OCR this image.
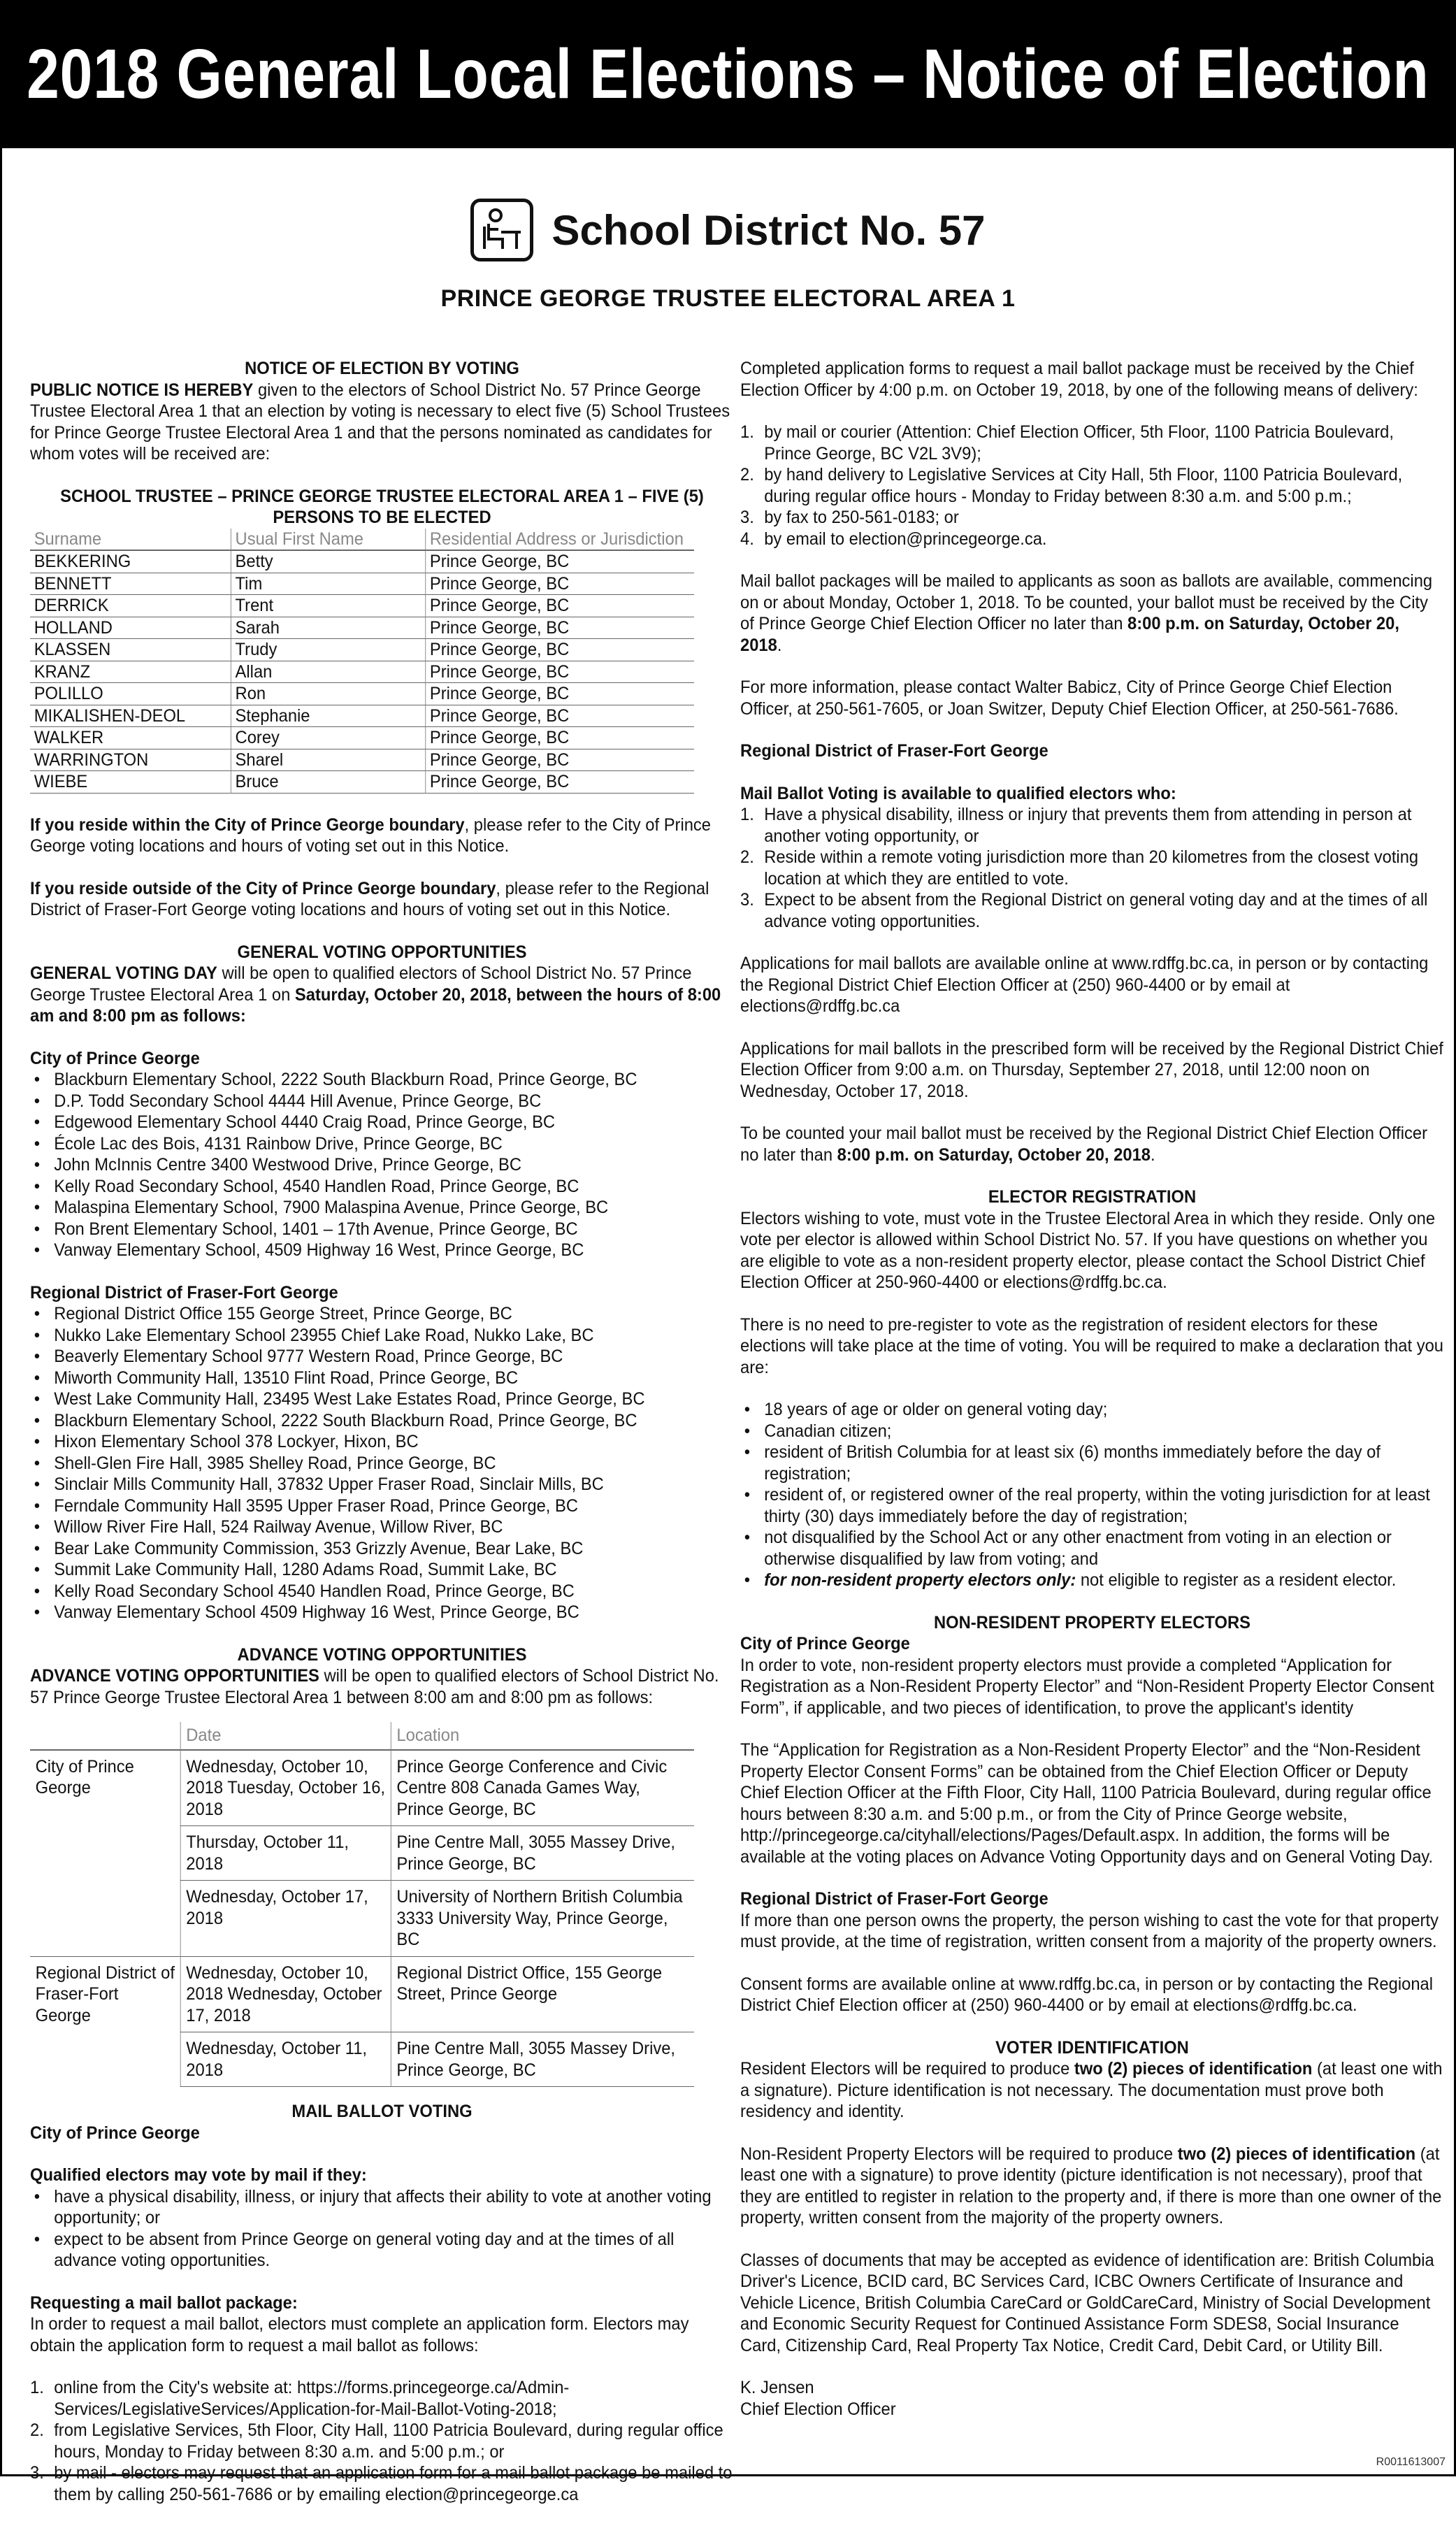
2018 General Local Elections – Notice of Election
School District No. 57
PRINCE GEORGE TRUSTEE ELECTORAL AREA 1
NOTICE OF ELECTION BY VOTING

PUBLIC NOTICE IS HEREBY given to the electors of School District No. 57 Prince George Trustee Electoral Area 1 that an election by voting is necessary to elect five (5) School Trustees for Prince George Trustee Electoral Area 1 and that the persons nominated as candidates for whom votes will be received are:

SCHOOL TRUSTEE – PRINCE GEORGE TRUSTEE ELECTORAL AREA 1 – FIVE (5) PERSONS TO BE ELECTED
Surname	Usual First Name	Residential Address or Jurisdiction
BEKKERING	Betty	Prince George, BC
BENNETT	Tim	Prince George, BC
DERRICK	Trent	Prince George, BC
HOLLAND	Sarah	Prince George, BC
KLASSEN	Trudy	Prince George, BC
KRANZ	Allan	Prince George, BC
POLILLO	Ron	Prince George, BC
MIKALISHEN-DEOL	Stephanie	Prince George, BC
WALKER	Corey	Prince George, BC
WARRINGTON	Sharel	Prince George, BC
WIEBE	Bruce	Prince George, BC

If you reside within the City of Prince George boundary, please refer to the City of Prince George voting locations and hours of voting set out in this Notice.

If you reside outside of the City of Prince George boundary, please refer to the Regional District of Fraser-Fort George voting locations and hours of voting set out in this Notice.

GENERAL VOTING OPPORTUNITIES

GENERAL VOTING DAY will be open to qualified electors of School District No. 57 Prince George Trustee Electoral Area 1 on Saturday, October 20, 2018, between the hours of 8:00 am and 8:00 pm as follows:

City of Prince George
• Blackburn Elementary School, 2222 South Blackburn Road, Prince George, BC
• D.P. Todd Secondary School 4444 Hill Avenue, Prince George, BC
• Edgewood Elementary School 4440 Craig Road, Prince George, BC
• École Lac des Bois, 4131 Rainbow Drive, Prince George, BC
• John McInnis Centre 3400 Westwood Drive, Prince George, BC
• Kelly Road Secondary School, 4540 Handlen Road, Prince George, BC
• Malaspina Elementary School, 7900 Malaspina Avenue, Prince George, BC
• Ron Brent Elementary School, 1401 – 17th Avenue, Prince George, BC
• Vanway Elementary School, 4509 Highway 16 West, Prince George, BC
Regional District of Fraser-Fort George
• Regional District Office 155 George Street, Prince George, BC
• Nukko Lake Elementary School 23955 Chief Lake Road, Nukko Lake, BC
• Beaverly Elementary School 9777 Western Road, Prince George, BC
• Miworth Community Hall, 13510 Flint Road, Prince George, BC
• West Lake Community Hall, 23495 West Lake Estates Road, Prince George, BC
• Blackburn Elementary School, 2222 South Blackburn Road, Prince George, BC
• Hixon Elementary School 378 Lockyer, Hixon, BC
• Shell-Glen Fire Hall, 3985 Shelley Road, Prince George, BC
• Sinclair Mills Community Hall, 37832 Upper Fraser Road, Sinclair Mills, BC
• Ferndale Community Hall 3595 Upper Fraser Road, Prince George, BC
• Willow River Fire Hall, 524 Railway Avenue, Willow River, BC
• Bear Lake Community Commission, 353 Grizzly Avenue, Bear Lake, BC
• Summit Lake Community Hall, 1280 Adams Road, Summit Lake, BC
• Kelly Road Secondary School 4540 Handlen Road, Prince George, BC
• Vanway Elementary School 4509 Highway 16 West, Prince George, BC
ADVANCE VOTING OPPORTUNITIES

ADVANCE VOTING OPPORTUNITIES will be open to qualified electors of School District No. 57 Prince George Trustee Electoral Area 1 between 8:00 am and 8:00 pm as follows:

	Date	Location
City of Prince George	Wednesday, October 10, 2018 Tuesday, October 16, 2018	Prince George Conference and Civic Centre 808 Canada Games Way, Prince George, BC
	Thursday, October 11, 2018	Pine Centre Mall, 3055 Massey Drive, Prince George, BC
	Wednesday, October 17, 2018	University of Northern British Columbia 3333 University Way, Prince George, BC
Regional District of Fraser-Fort George	Wednesday, October 10, 2018 Wednesday, October 17, 2018	Regional District Office, 155 George Street, Prince George
	Wednesday, October 11, 2018	Pine Centre Mall, 3055 Massey Drive, Prince George, BC
MAIL BALLOT VOTING
City of Prince George
Qualified electors may vote by mail if they:
• have a physical disability, illness, or injury that affects their ability to vote at another voting opportunity; or
• expect to be absent from Prince George on general voting day and at the times of all advance voting opportunities.
Requesting a mail ballot package:

In order to request a mail ballot, electors must complete an application form. Electors may obtain the application form to request a mail ballot as follows:

1. online from the City's website at: https://forms.princegeorge.ca/Admin-Services/LegislativeServices/Application-for-Mail-Ballot-Voting-2018;
2. from Legislative Services, 5th Floor, City Hall, 1100 Patricia Boulevard, during regular office hours, Monday to Friday between 8:30 a.m. and 5:00 p.m.; or
3. by mail - electors may request that an application form for a mail ballot package be mailed to them by calling 250-561-7686 or by emailing election@princegeorge.ca

Completed application forms to request a mail ballot package must be received by the Chief Election Officer by 4:00 p.m. on October 19, 2018, by one of the following means of delivery:

1. by mail or courier (Attention: Chief Election Officer, 5th Floor, 1100 Patricia Boulevard, Prince George, BC V2L 3V9);
2. by hand delivery to Legislative Services at City Hall, 5th Floor, 1100 Patricia Boulevard, during regular office hours - Monday to Friday between 8:30 a.m. and 5:00 p.m.;
3. by fax to 250-561-0183; or
4. by email to election@princegeorge.ca.

Mail ballot packages will be mailed to applicants as soon as ballots are available, commencing on or about Monday, October 1, 2018. To be counted, your ballot must be received by the City of Prince George Chief Election Officer no later than 8:00 p.m. on Saturday, October 20, 2018.

For more information, please contact Walter Babicz, City of Prince George Chief Election Officer, at 250-561-7605, or Joan Switzer, Deputy Chief Election Officer, at 250-561-7686.

Regional District of Fraser-Fort George
Mail Ballot Voting is available to qualified electors who:
1. Have a physical disability, illness or injury that prevents them from attending in person at another voting opportunity, or
2. Reside within a remote voting jurisdiction more than 20 kilometres from the closest voting location at which they are entitled to vote.
3. Expect to be absent from the Regional District on general voting day and at the times of all advance voting opportunities.

Applications for mail ballots are available online at www.rdffg.bc.ca, in person or by contacting the Regional District Chief Election Officer at (250) 960-4400 or by email at elections@rdffg.bc.ca

Applications for mail ballots in the prescribed form will be received by the Regional District Chief Election Officer from 9:00 a.m. on Thursday, September 27, 2018, until 12:00 noon on Wednesday, October 17, 2018.

To be counted your mail ballot must be received by the Regional District Chief Election Officer no later than 8:00 p.m. on Saturday, October 20, 2018.

ELECTOR REGISTRATION

Electors wishing to vote, must vote in the Trustee Electoral Area in which they reside. Only one vote per elector is allowed within School District No. 57. If you have questions on whether you are eligible to vote as a non-resident property elector, please contact the School District Chief Election Officer at 250-960-4400 or elections@rdffg.bc.ca.

There is no need to pre-register to vote as the registration of resident electors for these elections will take place at the time of voting. You will be required to make a declaration that you are:

• 18 years of age or older on general voting day;
• Canadian citizen;
• resident of British Columbia for at least six (6) months immediately before the day of registration;
• resident of, or registered owner of the real property, within the voting jurisdiction for at least thirty (30) days immediately before the day of registration;
• not disqualified by the School Act or any other enactment from voting in an election or otherwise disqualified by law from voting; and
• for non-resident property electors only: not eligible to register as a resident elector.
NON-RESIDENT PROPERTY ELECTORS
City of Prince George

In order to vote, non-resident property electors must provide a completed “Application for Registration as a Non-Resident Property Elector” and “Non-Resident Property Elector Consent Form”, if applicable, and two pieces of identification, to prove the applicant's identity

The “Application for Registration as a Non-Resident Property Elector” and the “Non-Resident Property Elector Consent Forms” can be obtained from the Chief Election Officer or Deputy Chief Election Officer at the Fifth Floor, City Hall, 1100 Patricia Boulevard, during regular office hours between 8:30 a.m. and 5:00 p.m., or from the City of Prince George website, http://princegeorge.ca/cityhall/elections/Pages/Default.aspx. In addition, the forms will be available at the voting places on Advance Voting Opportunity days and on General Voting Day.

Regional District of Fraser-Fort George

If more than one person owns the property, the person wishing to cast the vote for that property must provide, at the time of registration, written consent from a majority of the property owners.

Consent forms are available online at www.rdffg.bc.ca, in person or by contacting the Regional District Chief Election officer at (250) 960-4400 or by email at elections@rdffg.bc.ca.

VOTER IDENTIFICATION

Resident Electors will be required to produce two (2) pieces of identification (at least one with a signature). Picture identification is not necessary. The documentation must prove both residency and identity.

Non-Resident Property Electors will be required to produce two (2) pieces of identification (at least one with a signature) to prove identity (picture identification is not necessary), proof that they are entitled to register in relation to the property and, if there is more than one owner of the property, written consent from the majority of the property owners.

Classes of documents that may be accepted as evidence of identification are: British Columbia Driver's Licence, BCID card, BC Services Card, ICBC Owners Certificate of Insurance and Vehicle Licence, British Columbia CareCard or GoldCareCard, Ministry of Social Development and Economic Security Request for Continued Assistance Form SDES8, Social Insurance Card, Citizenship Card, Real Property Tax Notice, Credit Card, Debit Card, or Utility Bill.

K. Jensen
Chief Election Officer
R0011613007
